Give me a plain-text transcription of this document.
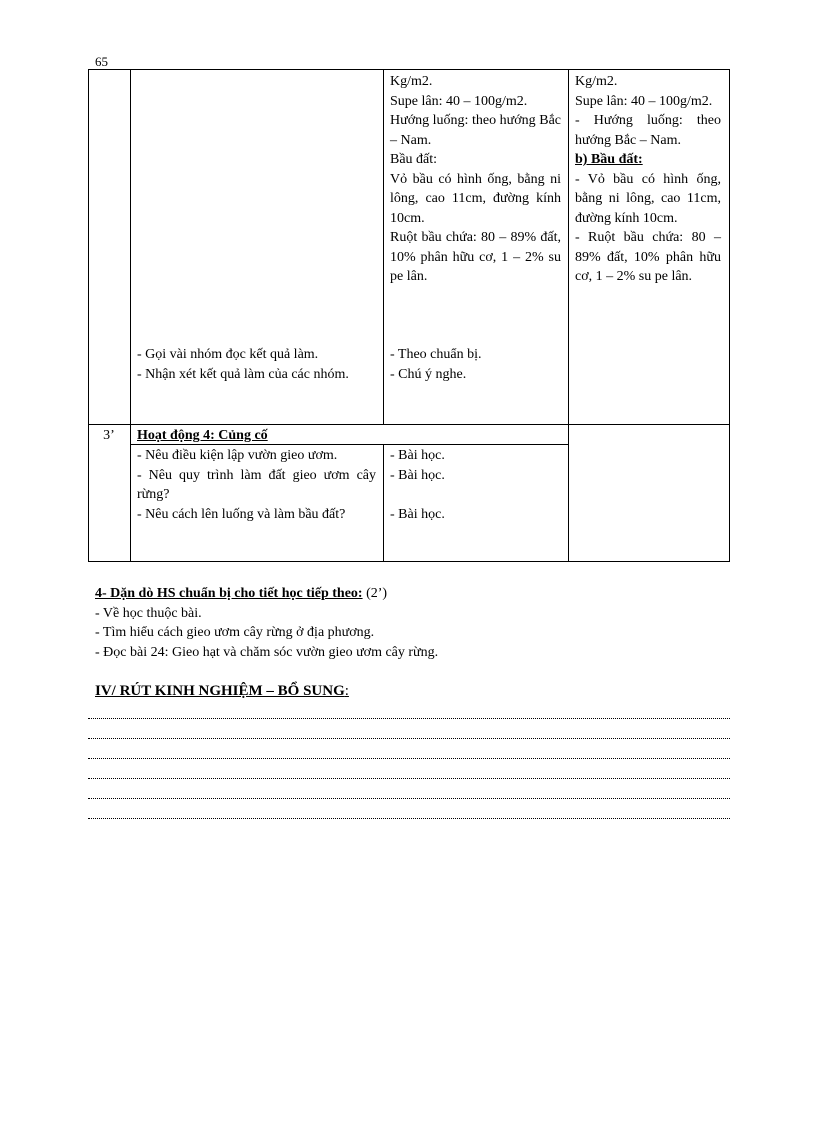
65

Kg/m2.

Supe lân: 40 – 100g/m2.

Hướng luống: theo hướng Bắc – Nam.

Bầu đất:

Vỏ bầu có hình ống, bằng ni lông, cao 11cm, đường kính 10cm.

Ruột bầu chứa: 80 – 89% đất, 10% phân hữu cơ, 1 – 2% su pe lân.

- Gọi vài nhóm đọc kết quả làm.

- Nhận xét kết quả làm của các nhóm.

- Theo chuẩn bị.

- Chú ý nghe.

Kg/m2.

Supe lân: 40 – 100g/m2.

- Hướng luống: theo hướng Bắc – Nam.

b) Bầu đất:

- Vỏ bầu có hình ống, bằng ni lông, cao 11cm, đường kính 10cm.

- Ruột bầu chứa: 80 – 89% đất, 10% phân hữu cơ, 1 – 2% su pe lân.

3’	Hoạt động 4: Củng cố

- Nêu điều kiện lập vườn gieo ươm.

- Nêu quy trình làm đất gieo ươm cây rừng?

- Nêu cách lên luống và làm bầu đất?

- Bài học.

- Bài học.

- Bài học.

4- Dặn dò HS chuẩn bị cho tiết học tiếp theo: (2’)

- Về học thuộc bài.

- Tìm hiểu cách gieo ươm cây rừng ở địa phương.

- Đọc bài 24: Gieo hạt và chăm sóc vườn gieo ươm cây rừng.

IV/ RÚT KINH NGHIỆM – BỔ SUNG:
